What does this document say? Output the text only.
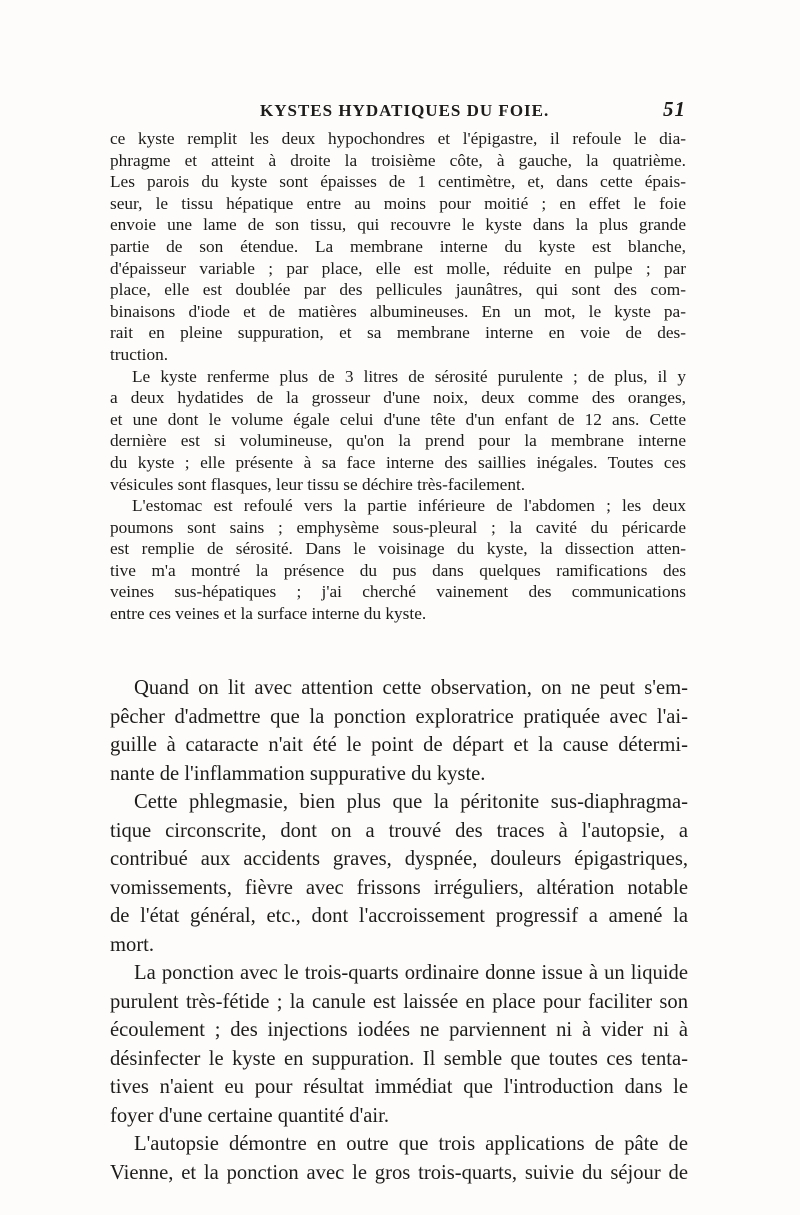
KYSTES HYDATIQUES DU FOIE.	51
ce kyste remplit les deux hypochondres et l'épigastre, il refoule le dia-
phragme et atteint à droite la troisième côte, à gauche, la quatrième.
Les parois du kyste sont épaisses de 1 centimètre, et, dans cette épais-
seur, le tissu hépatique entre au moins pour moitié ; en effet le foie
envoie une lame de son tissu, qui recouvre le kyste dans la plus grande
partie de son étendue. La membrane interne du kyste est blanche,
d'épaisseur variable ; par place, elle est molle, réduite en pulpe ; par
place, elle est doublée par des pellicules jaunâtres, qui sont des com-
binaisons d'iode et de matières albumineuses. En un mot, le kyste pa-
rait en pleine suppuration, et sa membrane interne en voie de des-
truction.
Le kyste renferme plus de 3 litres de sérosité purulente ; de plus, il y
a deux hydatides de la grosseur d'une noix, deux comme des oranges,
et une dont le volume égale celui d'une tête d'un enfant de 12 ans. Cette
dernière est si volumineuse, qu'on la prend pour la membrane interne
du kyste ; elle présente à sa face interne des saillies inégales. Toutes ces
vésicules sont flasques, leur tissu se déchire très-facilement.
L'estomac est refoulé vers la partie inférieure de l'abdomen ; les deux
poumons sont sains ; emphysème sous-pleural ; la cavité du péricarde
est remplie de sérosité. Dans le voisinage du kyste, la dissection atten-
tive m'a montré la présence du pus dans quelques ramifications des
veines sus-hépatiques ; j'ai cherché vainement des communications
entre ces veines et la surface interne du kyste.
Quand on lit avec attention cette observation, on ne peut s'em-
pêcher d'admettre que la ponction exploratrice pratiquée avec l'ai-
guille à cataracte n'ait été le point de départ et la cause détermi-
nante de l'inflammation suppurative du kyste.
Cette phlegmasie, bien plus que la péritonite sus-diaphragma-
tique circonscrite, dont on a trouvé des traces à l'autopsie, a
contribué aux accidents graves, dyspnée, douleurs épigastriques,
vomissements, fièvre avec frissons irréguliers, altération notable
de l'état général, etc., dont l'accroissement progressif a amené la
mort.
La ponction avec le trois-quarts ordinaire donne issue à un liquide
purulent très-fétide ; la canule est laissée en place pour faciliter son
écoulement ; des injections iodées ne parviennent ni à vider ni à
désinfecter le kyste en suppuration. Il semble que toutes ces tenta-
tives n'aient eu pour résultat immédiat que l'introduction dans le
foyer d'une certaine quantité d'air.
L'autopsie démontre en outre que trois applications de pâte de
Vienne, et la ponction avec le gros trois-quarts, suivie du séjour de
